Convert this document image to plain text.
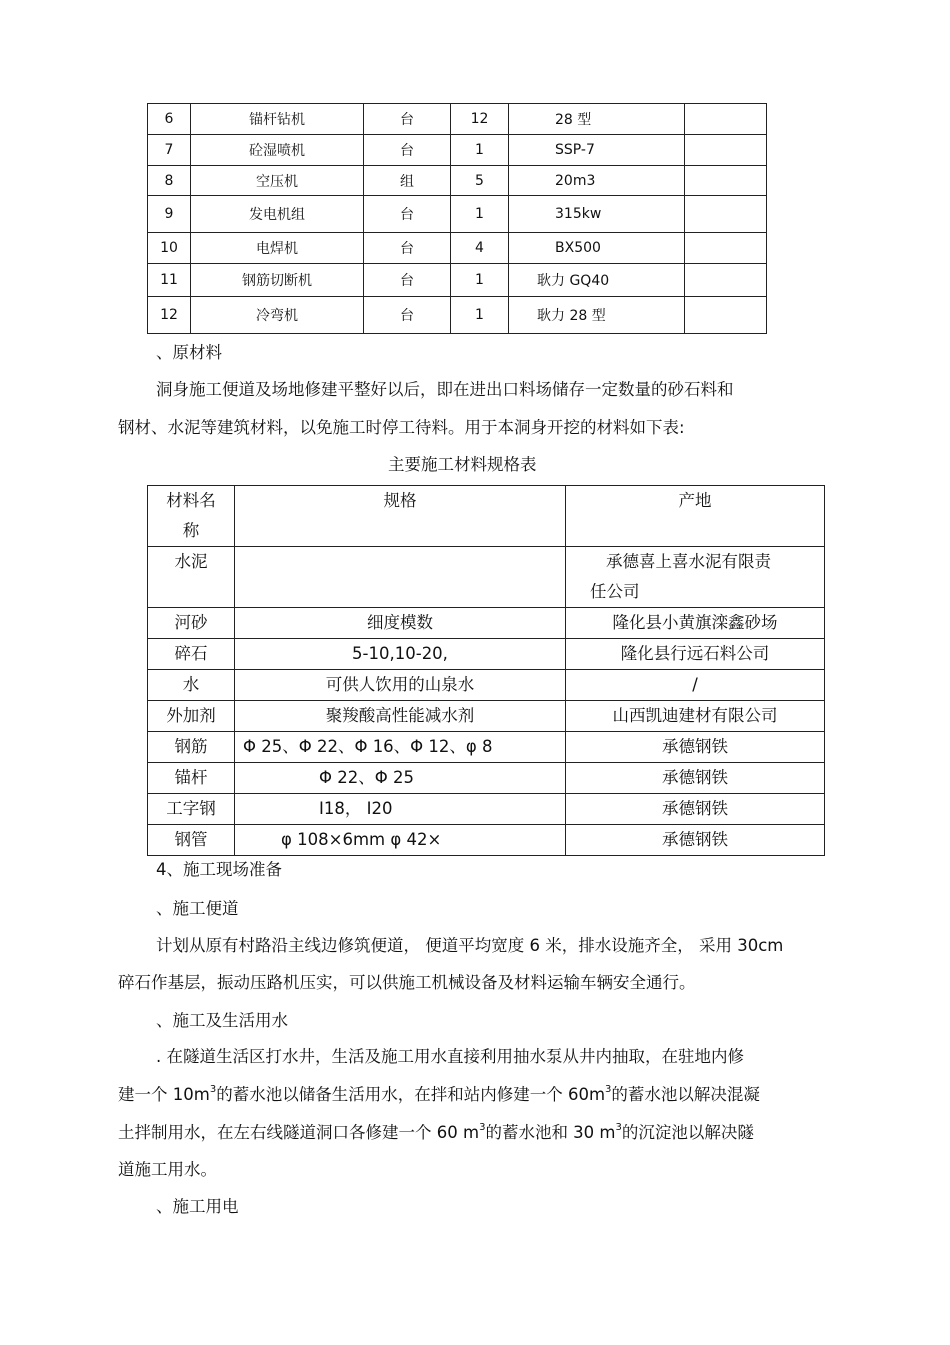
6	锚杆钻机	台	12	28 型	
7	砼湿喷机	台	1	SSP-7	
8	空压机	组	5	20m3	
9	发电机组	台	1	315kw	
10	电焊机	台	4	BX500	
11	钢筋切断机	台	1	耿力 GQ40	
12	冷弯机	台	1	耿力 28 型	
、原材料
洞身施工便道及场地修建平整好以后，即在进出口料场储存一定数量的砂石料和
钢材、水泥等建筑材料，以免施工时停工待料。用于本洞身开挖的材料如下表:
主要施工材料规格表
材料名
称	规格	产地
水泥		承德喜上喜水泥有限责
任公司

河砂	细度模数	隆化县小黄旗滦鑫砂场
碎石	5-10,10-20,	隆化县行远石料公司
水	可供人饮用的山泉水	/
外加剂	聚羧酸高性能减水剂	山西凯迪建材有限公司
钢筋	Φ 25、Φ 22、Φ 16、Φ 12、φ 8	承德钢铁
锚杆	Φ 22、Φ 25	承德钢铁
工字钢	I18， I20	承德钢铁
钢管	φ 108×6mm φ 42×	承德钢铁
4、施工现场准备
、施工便道
计划从原有村路沿主线边修筑便道， 便道平均宽度 6 米，排水设施齐全， 采用 30cm
碎石作基层，振动压路机压实，可以供施工机械设备及材料运输车辆安全通行。
、施工及生活用水
. 在隧道生活区打水井，生活及施工用水直接利用抽水泵从井内抽取，在驻地内修
建一个 $10m^3$的蓄水池以储备生活用水，在拌和站内修建一个 $60m^3$的蓄水池以解决混凝
土拌制用水，在左右线隧道洞口各修建一个 60 $m^3$的蓄水池和 30 $m^3$的沉淀池以解决隧
道施工用水。
、施工用电
